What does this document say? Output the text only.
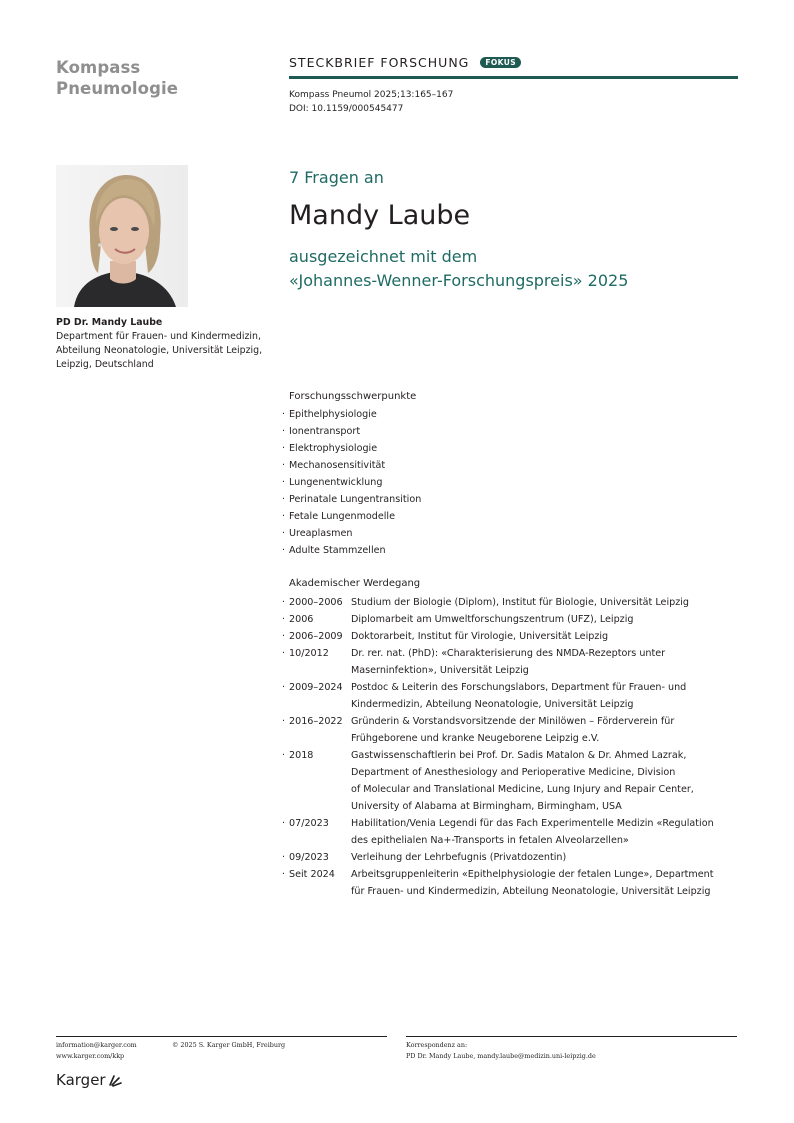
Kompass
Pneumologie
STECKBRIEF FORSCHUNG	FOKUS
Kompass Pneumol 2025;13:165–167
DOI: 10.1159/000545477
PD Dr. Mandy Laube
Department für Frauen- und Kindermedizin,
Abteilung Neonatologie, Universität Leipzig,
Leipzig, Deutschland
7 Fragen an
Mandy Laube
ausgezeichnet mit dem
«Johannes-Wenner-Forschungspreis» 2025
Forschungsschwerpunkte
· Epithelphysiologie
· Ionentransport
· Elektrophysiologie
· Mechanosensitivität
· Lungenentwicklung
· Perinatale Lungentransition
· Fetale Lungenmodelle
· Ureaplasmen
· Adulte Stammzellen
Akademischer Werdegang
· 2000–2006 Studium der Biologie (Diplom), Institut für Biologie, Universität Leipzig
· 2006	Diplomarbeit am Umweltforschungszentrum (UFZ), Leipzig
· 2006–2009 Doktorarbeit, Institut für Virologie, Universität Leipzig
· 10/2012	Dr. rer. nat. (PhD): «Charakterisierung des NMDA-Rezeptors unter
Maserninfektion», Universität Leipzig
· 2009–2024 Postdoc & Leiterin des Forschungslabors, Department für Frauen- und
Kindermedizin, Abteilung Neonatologie, Universität Leipzig
· 2016–2022 Gründerin & Vorstandsvorsitzende der Minilöwen – Förderverein für
Frühgeborene und kranke Neugeborene Leipzig e.V.
· 2018	Gastwissenschaftlerin bei Prof. Dr. Sadis Matalon & Dr. Ahmed Lazrak,
Department of Anesthesiology and Perioperative Medicine, Division
of Molecular and Translational Medicine, Lung Injury and Repair Center,
University of Alabama at Birmingham, Birmingham, USA
· 07/2023	Habilitation/Venia Legendi für das Fach Experimentelle Medizin «Regulation
des epithelialen Na+-Transports in fetalen Alveolarzellen»
· 09/2023	Verleihung der Lehrbefugnis (Privatdozentin)
· Seit 2024	Arbeitsgruppenleiterin «Epithelphysiologie der fetalen Lunge», Department
für Frauen- und Kindermedizin, Abteilung Neonatologie, Universität Leipzig
information@karger.com
www.karger.com/kkp
© 2025 S. Karger GmbH, Freiburg	Korrespondenz an:
PD Dr. Mandy Laube, mandy.laube@medizin.uni-leipzig.de
Karger
